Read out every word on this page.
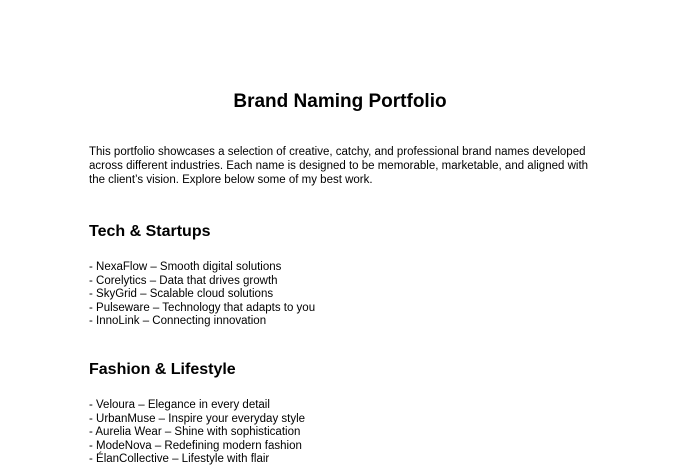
Brand Naming Portfolio

This portfolio showcases a selection of creative, catchy, and professional brand names developed
across different industries. Each name is designed to be memorable, marketable, and aligned with
the client’s vision. Explore below some of my best work.

Tech & Startups
- NexaFlow – Smooth digital solutions
- Corelytics – Data that drives growth
- SkyGrid – Scalable cloud solutions
- Pulseware – Technology that adapts to you
- InnoLink – Connecting innovation
Fashion & Lifestyle
- Veloura – Elegance in every detail
- UrbanMuse – Inspire your everyday style
- Aurelia Wear – Shine with sophistication
- ModeNova – Redefining modern fashion
- ÉlanCollective – Lifestyle with flair
